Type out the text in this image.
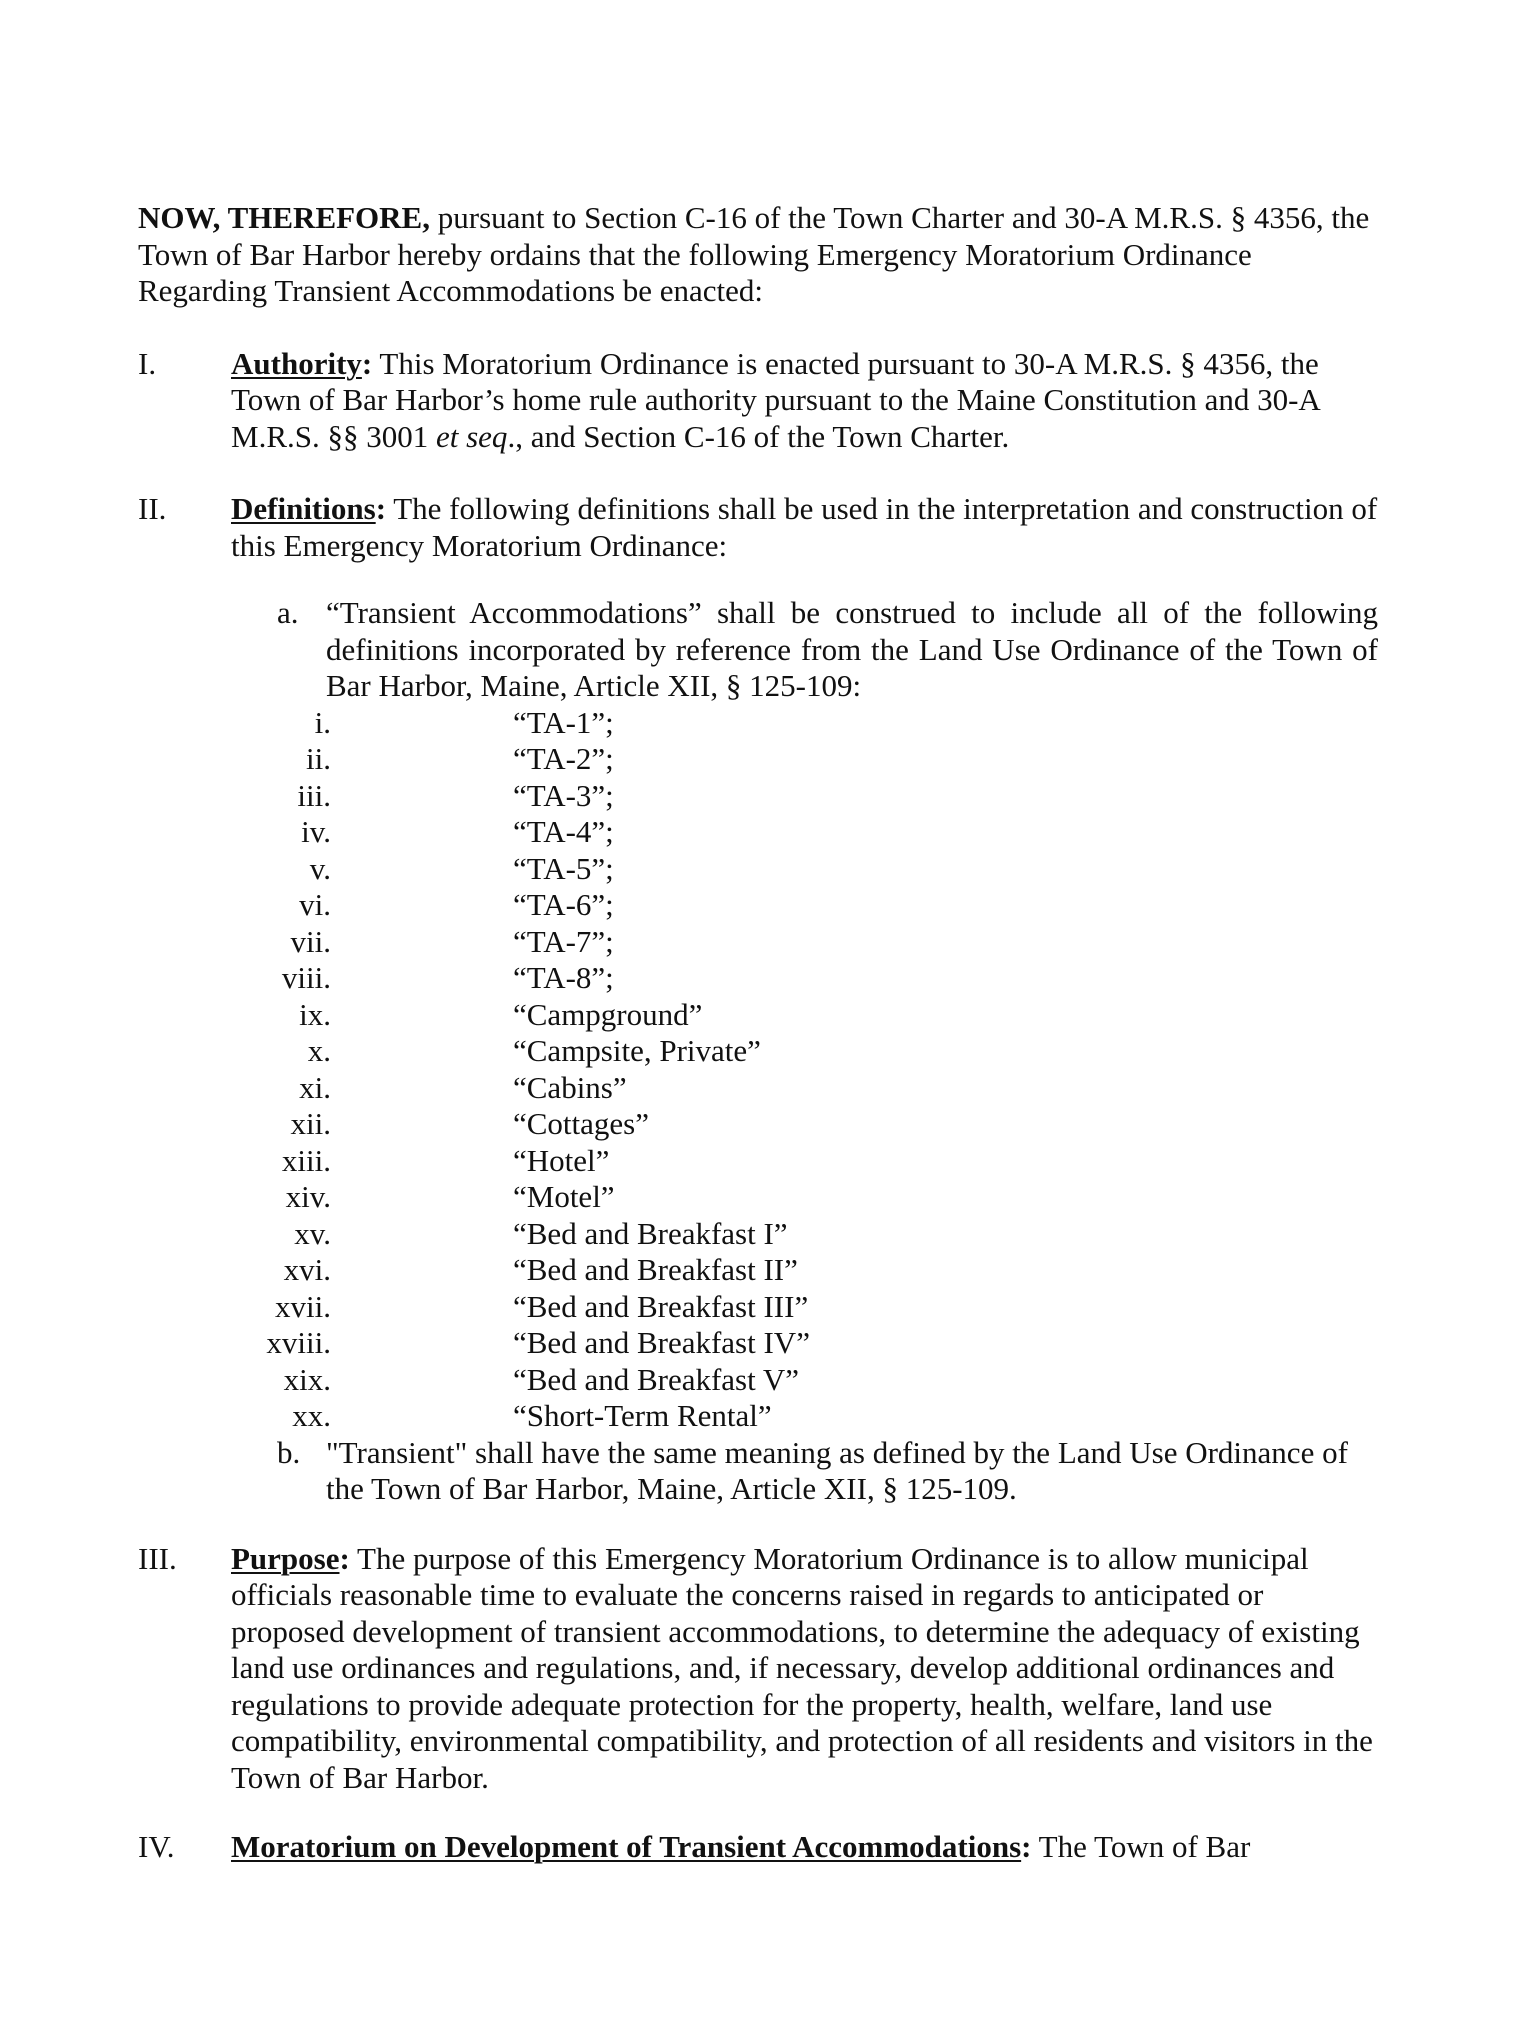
NOW, THEREFORE, pursuant to Section C-16 of the Town Charter and 30-A M.R.S. § 4356, the Town of Bar Harbor hereby ordains that the following Emergency Moratorium Ordinance Regarding Transient Accommodations be enacted:

I. Authority: This Moratorium Ordinance is enacted pursuant to 30-A M.R.S. § 4356, the Town of Bar Harbor’s home rule authority pursuant to the Maine Constitution and 30-A M.R.S. §§ 3001 et seq., and Section C-16 of the Town Charter.
II. Definitions: The following definitions shall be used in the interpretation and construction of this Emergency Moratorium Ordinance:
a. “Transient Accommodations” shall be construed to include all of the following definitions incorporated by reference from the Land Use Ordinance of the Town of Bar Harbor, Maine, Article XII, § 125-109:
i.	“TA-1”;
ii.	“TA-2”;
iii.	“TA-3”;
iv.	“TA-4”;
v.	“TA-5”;
vi.	“TA-6”;
vii.	“TA-7”;
viii.	“TA-8”;
ix.	“Campground”
x.	“Campsite, Private”
xi.	“Cabins”
xii.	“Cottages”
xiii.	“Hotel”
xiv.	“Motel”
xv.	“Bed and Breakfast I”
xvi.	“Bed and Breakfast II”
xvii.	“Bed and Breakfast III”
xviii.	“Bed and Breakfast IV”
xix.	“Bed and Breakfast V”
xx.	“Short-Term Rental”
b. "Transient" shall have the same meaning as defined by the Land Use Ordinance of the Town of Bar Harbor, Maine, Article XII, § 125-109.
III. Purpose: The purpose of this Emergency Moratorium Ordinance is to allow municipal officials reasonable time to evaluate the concerns raised in regards to anticipated or proposed development of transient accommodations, to determine the adequacy of existing land use ordinances and regulations, and, if necessary, develop additional ordinances and regulations to provide adequate protection for the property, health, welfare, land use compatibility, environmental compatibility, and protection of all residents and visitors in the Town of Bar Harbor.
IV. Moratorium on Development of Transient Accommodations: The Town of Bar
